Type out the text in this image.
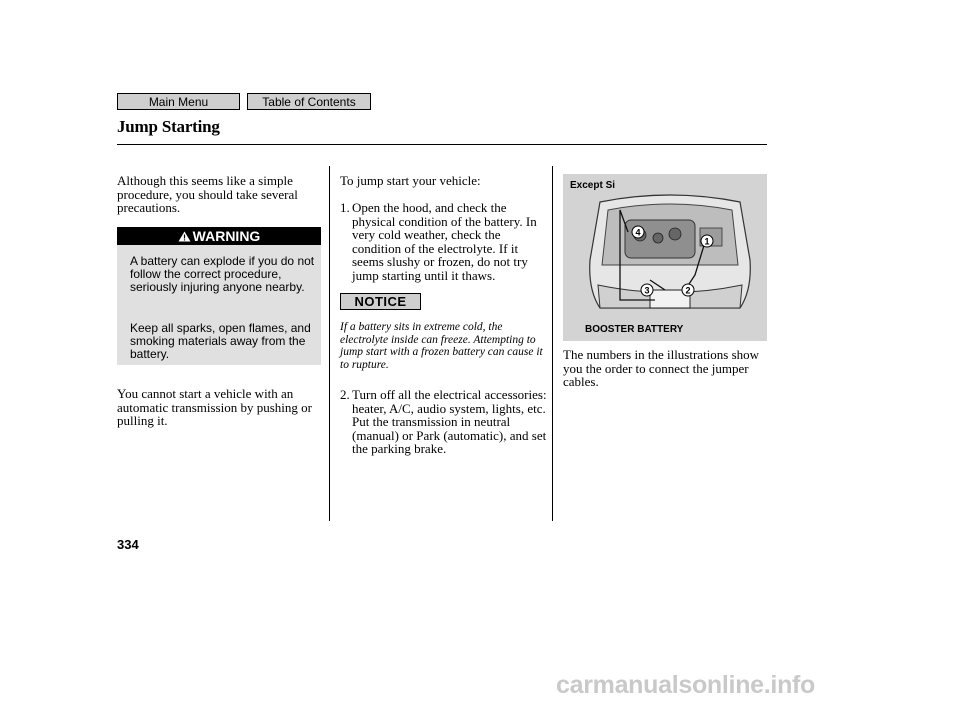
Main Menu	Table of Contents
Jump Starting
Although this seems like a simple procedure, you should take several precautions.
WARNING
A battery can explode if you do not follow the correct procedure, seriously injuring anyone nearby.
Keep all sparks, open flames, and smoking materials away from the battery.
You cannot start a vehicle with an automatic transmission by pushing or pulling it.
To jump start your vehicle:
1. Open the hood, and check the physical condition of the battery. In very cold weather, check the condition of the electrolyte. If it seems slushy or frozen, do not try jump starting until it thaws.
NOTICE
If a battery sits in extreme cold, the electrolyte inside can freeze. Attempting to jump start with a frozen battery can cause it to rupture.
2. Turn off all the electrical accessories: heater, A/C, audio system, lights, etc. Put the transmission in neutral (manual) or Park (automatic), and set the parking brake.
Except Si
4
1
3	2
BOOSTER BATTERY
The numbers in the illustrations show you the order to connect the jumper cables.
334
carmanualsonline.info
